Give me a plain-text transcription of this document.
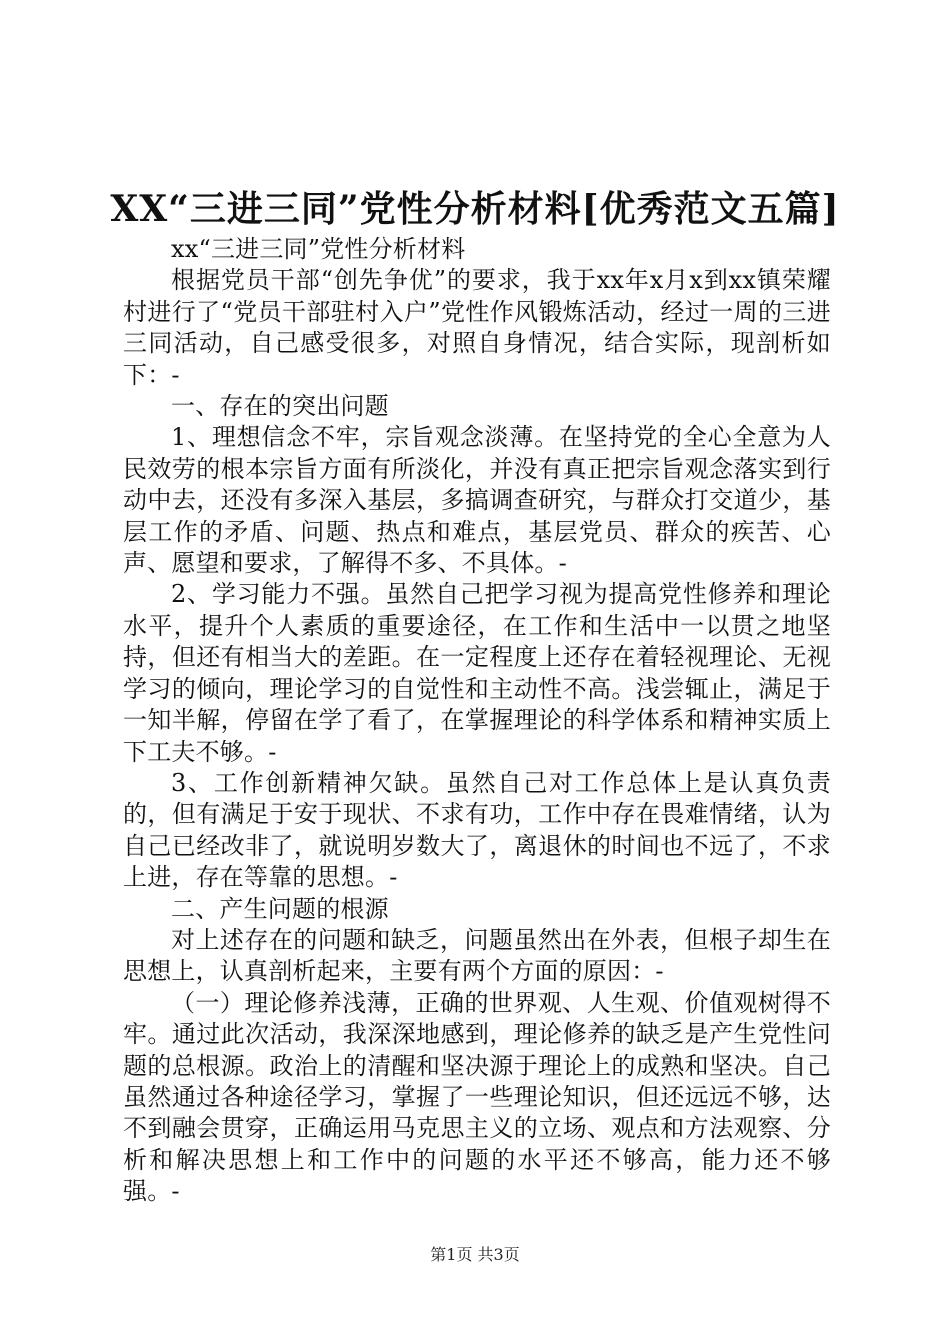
XX“三进三同”党性分析材料[优秀范文五篇]

xx“三进三同”党性分析材料

根据党员干部“创先争优”的要求，我于xx年x月x到xx镇荣耀村进行了“党员干部驻村入户”党性作风锻炼活动，经过一周的三进三同活动，自己感受很多，对照自身情况，结合实际，现剖析如下：-

一、存在的突出问题

1、理想信念不牢，宗旨观念淡薄。在坚持党的全心全意为人民效劳的根本宗旨方面有所淡化，并没有真正把宗旨观念落实到行动中去，还没有多深入基层，多搞调查研究，与群众打交道少，基层工作的矛盾、问题、热点和难点，基层党员、群众的疾苦、心声、愿望和要求，了解得不多、不具体。-

2、学习能力不强。虽然自己把学习视为提高党性修养和理论水平，提升个人素质的重要途径，在工作和生活中一以贯之地坚持，但还有相当大的差距。在一定程度上还存在着轻视理论、无视学习的倾向，理论学习的自觉性和主动性不高。浅尝辄止，满足于一知半解，停留在学了看了，在掌握理论的科学体系和精神实质上下工夫不够。-

3、工作创新精神欠缺。虽然自己对工作总体上是认真负责的，但有满足于安于现状、不求有功，工作中存在畏难情绪，认为自己已经改非了，就说明岁数大了，离退休的时间也不远了，不求上进，存在等靠的思想。-

二、产生问题的根源

对上述存在的问题和缺乏，问题虽然出在外表，但根子却生在思想上，认真剖析起来，主要有两个方面的原因：-

（一）理论修养浅薄，正确的世界观、人生观、价值观树得不牢。通过此次活动，我深深地感到，理论修养的缺乏是产生党性问题的总根源。政治上的清醒和坚决源于理论上的成熟和坚决。自己虽然通过各种途径学习，掌握了一些理论知识，但还远远不够，达不到融会贯穿，正确运用马克思主义的立场、观点和方法观察、分析和解决思想上和工作中的问题的水平还不够高，能力还不够强。-

第1页 共3页
